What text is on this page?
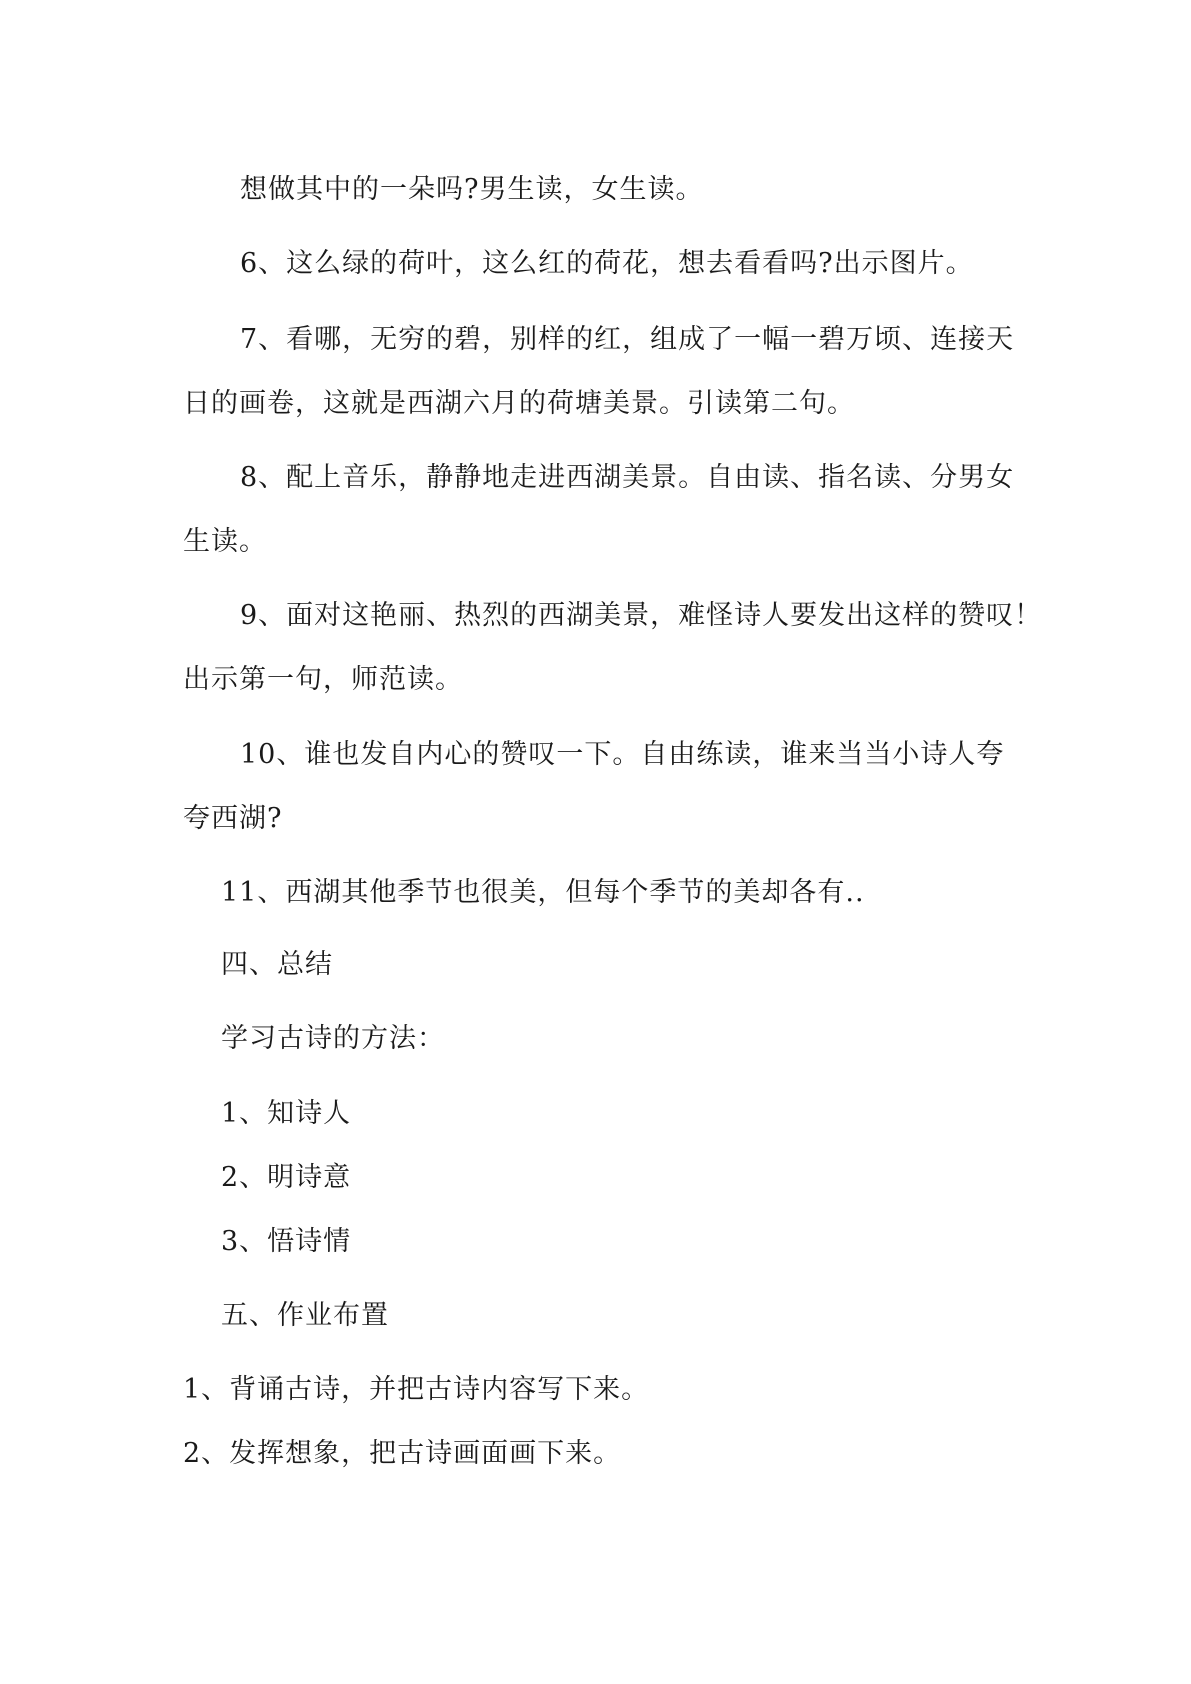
想做其中的一朵吗?男生读，女生读。

6、这么绿的荷叶，这么红的荷花，想去看看吗?出示图片。

7、看哪，无穷的碧，别样的红，组成了一幅一碧万顷、连接天

日的画卷，这就是西湖六月的荷塘美景。引读第二句。

8、配上音乐，静静地走进西湖美景。自由读、指名读、分男女

生读。

9、面对这艳丽、热烈的西湖美景，难怪诗人要发出这样的赞叹！

出示第一句，师范读。

10、谁也发自内心的赞叹一下。自由练读，谁来当当小诗人夸

夸西湖?

11、西湖其他季节也很美，但每个季节的美却各有..

四、总结

学习古诗的方法：

1、知诗人

2、明诗意

3、悟诗情

五、作业布置

1、背诵古诗，并把古诗内容写下来。

2、发挥想象，把古诗画面画下来。
